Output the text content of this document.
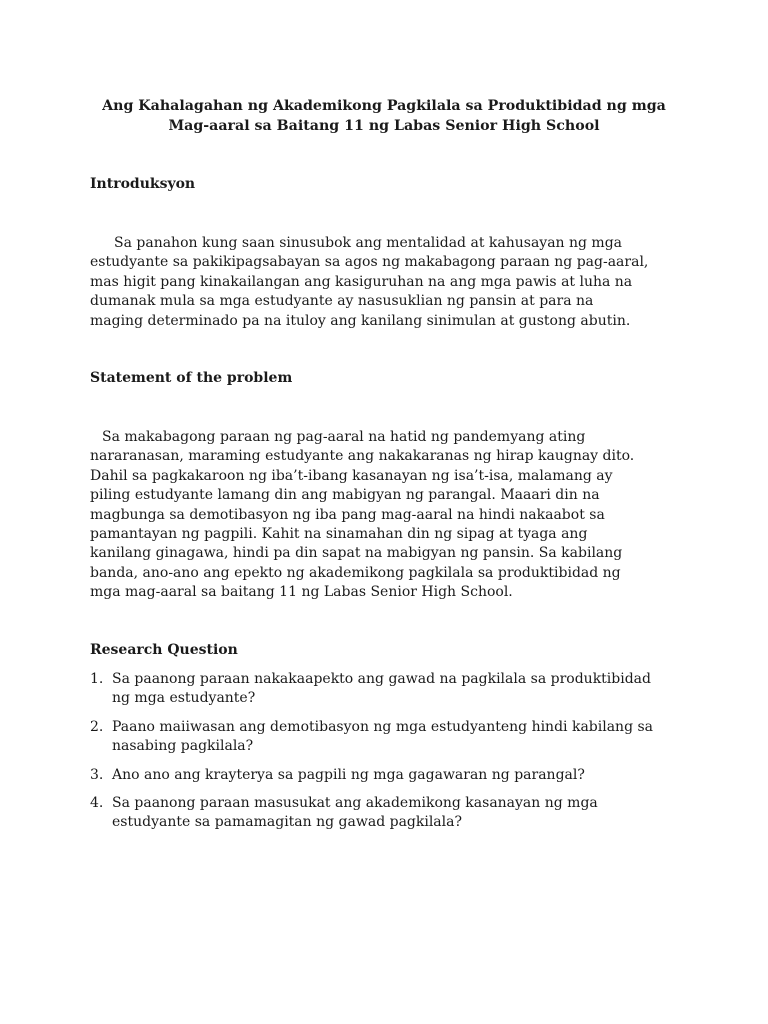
Ang Kahalagahan ng Akademikong Pagkilala sa Produktibidad ng mga
Mag-aaral sa Baitang 11 ng Labas Senior High School
Introduksyon

Sa panahon kung saan sinusubok ang mentalidad at kahusayan ng mga
estudyante sa pakikipagsabayan sa agos ng makabagong paraan ng pag-aaral,
mas higit pang kinakailangan ang kasiguruhan na ang mga pawis at luha na
dumanak mula sa mga estudyante ay nasusuklian ng pansin at para na
maging determinado pa na ituloy ang kanilang sinimulan at gustong abutin.

Statement of the problem

Sa makabagong paraan ng pag-aaral na hatid ng pandemyang ating
nararanasan, maraming estudyante ang nakakaranas ng hirap kaugnay dito.
Dahil sa pagkakaroon ng iba’t-ibang kasanayan ng isa’t-isa, malamang ay
piling estudyante lamang din ang mabigyan ng parangal. Maaari din na
magbunga sa demotibasyon ng iba pang mag-aaral na hindi nakaabot sa
pamantayan ng pagpili. Kahit na sinamahan din ng sipag at tyaga ang
kanilang ginagawa, hindi pa din sapat na mabigyan ng pansin. Sa kabilang
banda, ano-ano ang epekto ng akademikong pagkilala sa produktibidad ng
mga mag-aaral sa baitang 11 ng Labas Senior High School.

Research Question
1. Sa paanong paraan nakakaapekto ang gawad na pagkilala sa produktibidad
ng mga estudyante?
2. Paano maiiwasan ang demotibasyon ng mga estudyanteng hindi kabilang sa
nasabing pagkilala?
3. Ano ano ang krayterya sa pagpili ng mga gagawaran ng parangal?
4. Sa paanong paraan masusukat ang akademikong kasanayan ng mga
estudyante sa pamamagitan ng gawad pagkilala?
